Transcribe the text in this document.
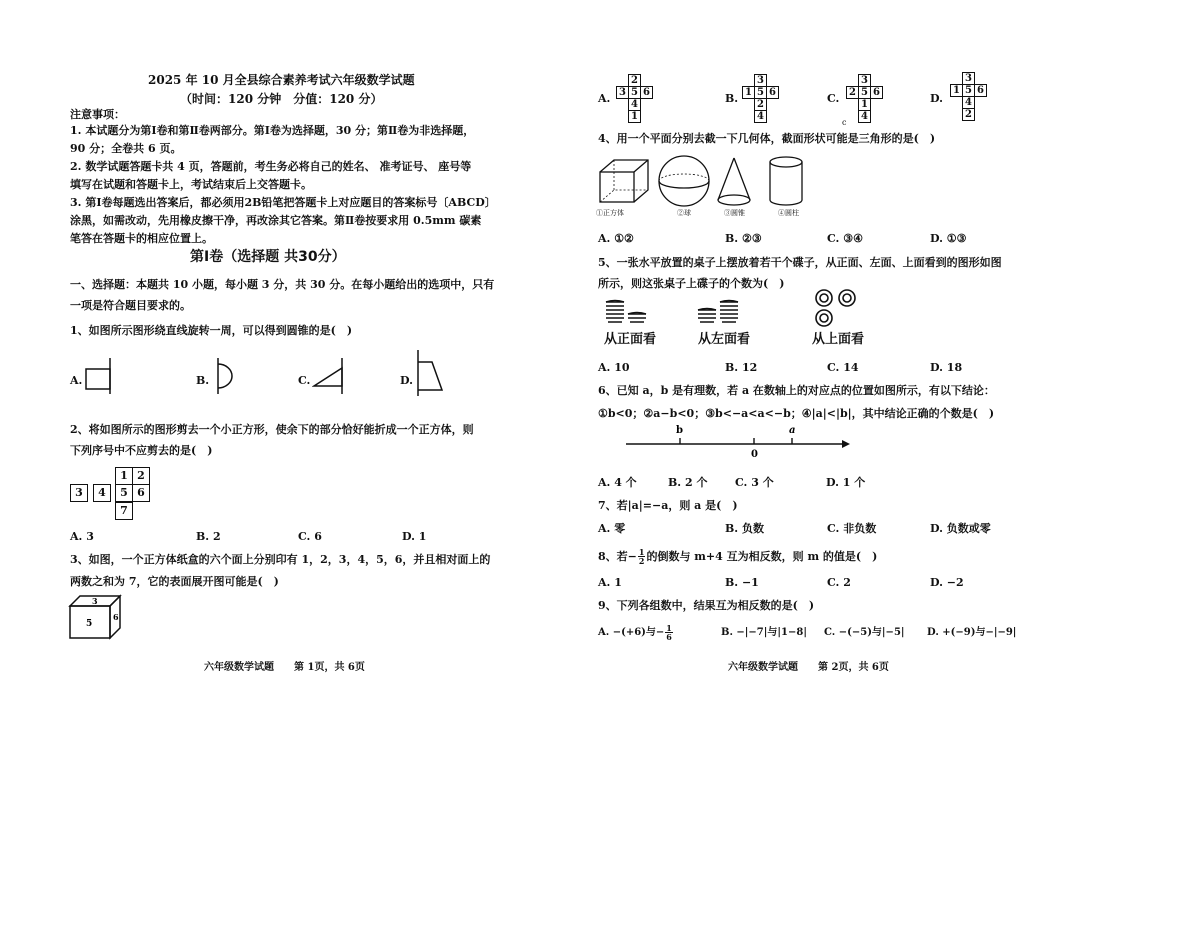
2025 年 10 月全县综合素养考试六年级数学试题
（时间：120 分钟　分值：120 分）
注意事项：
1. 本试题分为第Ⅰ卷和第Ⅱ卷两部分。第Ⅰ卷为选择题，30 分；第Ⅱ卷为非选择题，
90 分；全卷共 6 页。
2. 数学试题答题卡共 4 页，答题前，考生务必将自己的姓名、 准考证号、 座号等
填写在试题和答题卡上，考试结束后上交答题卡。
3. 第Ⅰ卷每题选出答案后，都必须用2B铅笔把答题卡上对应题目的答案标号〔ABCD〕
涂黑，如需改动，先用橡皮擦干净，再改涂其它答案。第Ⅱ卷按要求用 0.5mm 碳素
笔答在答题卡的相应位置上。
第Ⅰ卷（选择题 共30分）
一、选择题：本题共 10 小题，每小题 3 分，共 30 分。在每小题给出的选项中，只有
一项是符合题目要求的。
1、如图所示图形绕直线旋转一周，可以得到圆锥的是(　)
A.	B.	C.	D.
2、将如图所示的图形剪去一个小正方形，使余下的部分恰好能折成一个正方体，则
下列序号中不应剪去的是(　)
1 2
3	4	5 6
7
A. 3	B. 2	C. 6	D. 1
3、如图，一个正方体纸盒的六个面上分别印有 1，2，3，4，5，6，并且相对面上的
两数之和为 7，它的表面展开图可能是(　)
3
5
6
六年级数学试题　　第 1页，共 6页
A.
2
3 5 6
4
1
B.
3
1 5 6
2
4
C.
3
2 5 6
1
4
c
D.
3
1 5 6
4
2
4、用一个平面分别去截一下几何体，截面形状可能是三角形的是(　)
①正方体	②球	③圆锥	④圆柱
A. ①②	B. ②③	C. ③④	D. ①③
5、一张水平放置的桌子上摆放着若干个碟子，从正面、左面、上面看到的图形如图
所示，则这张桌子上碟子的个数为(　)
从正面看	从左面看	从上面看
A. 10	B. 12	C. 14	D. 18
6、已知 a，b 是有理数，若 a 在数轴上的对应点的位置如图所示，有以下结论：
①b<0；②a−b<0；③b<−a<a<−b；④|a|<|b|，其中结论正确的个数是(　)
b
0
a
A. 4 个	B. 2 个	C. 3 个	D. 1 个
7、若|a|=−a，则 a 是(　)
A. 零	B. 负数	C. 非负数	D. 负数或零
8、若− $\frac{1}{2}$ 的倒数与 m+4 互为相反数，则 m 的值是(　)
A. 1	B. −1	C. 2	D. −2
9、下列各组数中，结果互为相反数的是(　)
A. −(+6)与− $\frac{1}{6}$	B. −|−7|与|1−8| C. −(−5)与|−5| D. +(−9)与−|−9|
六年级数学试题　　第 2页，共 6页
